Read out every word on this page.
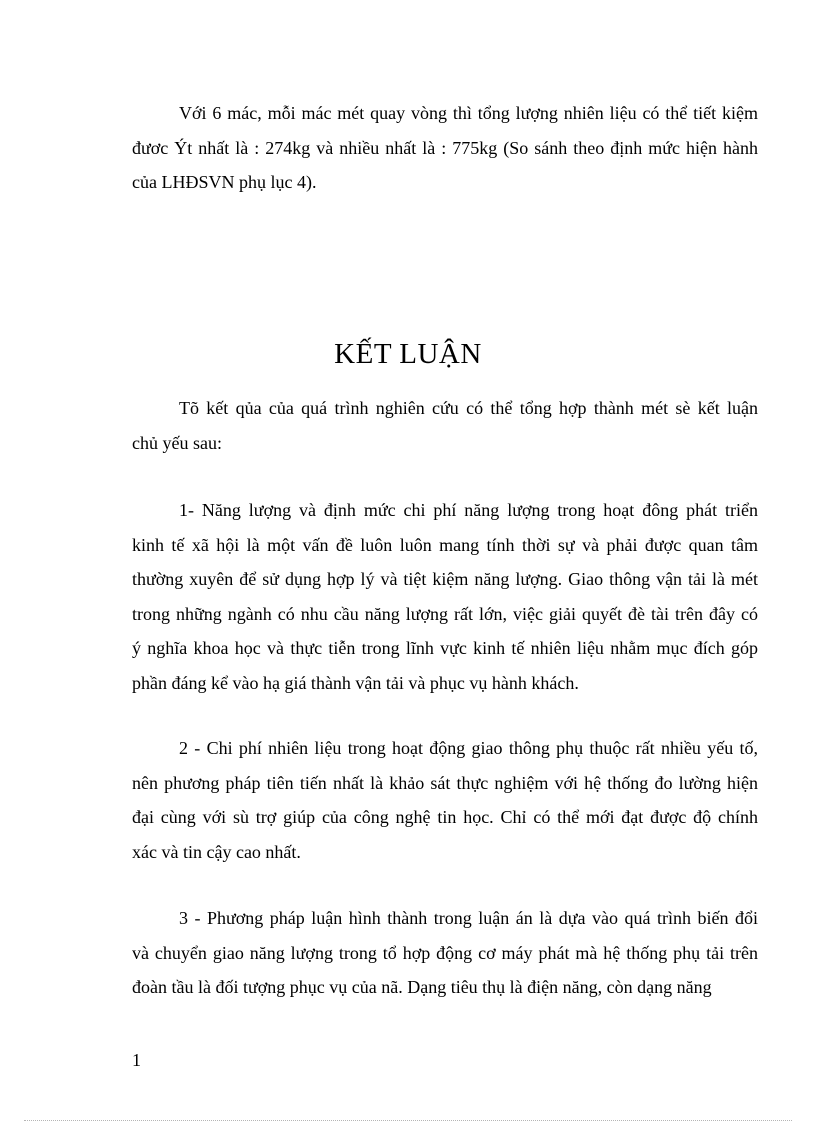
Với 6 mác, mỗi mác mét quay vòng thì tổng lượng nhiên liệu có thể tiết kiệm
đươc Ýt nhất là : 274kg và nhiều nhất là : 775kg (So sánh theo định mức hiện hành
của LHĐSVN phụ lục 4).

KẾT LUẬN

Tõ kết qủa của quá trình nghiên cứu có thể tổng hợp thành mét sè kết luận
chủ yếu sau:

1- Năng lượng và định mức chi phí năng lượng trong hoạt đông phát triển
kinh tế xã hội là một vấn đề luôn luôn mang tính thời sự và phải được quan tâm
thường xuyên để sử dụng hợp lý và tiệt kiệm năng lượng. Giao thông vận tải là mét
trong những ngành có nhu cầu năng lượng rất lớn, việc giải quyết đè tài trên đây có
ý nghĩa khoa học và thực tiễn trong lĩnh vực kinh tế nhiên liệu nhằm mục đích góp
phần đáng kể vào hạ giá thành vận tải và phục vụ hành khách.

2 - Chi phí nhiên liệu trong hoạt động giao thông phụ thuộc rất nhiều yếu tố,
nên phương pháp tiên tiến nhất là khảo sát thực nghiệm với hệ thống đo lường hiện
đại cùng với sù trợ giúp của công nghệ tin học. Chỉ có thể mới đạt được độ chính
xác và tin cậy cao nhất.

3 - Phương pháp luận hình thành trong luận án là dựa vào quá trình biến đổi
và chuyển giao năng lượng trong tổ hợp động cơ máy phát mà hệ thống phụ tải trên
đoàn tầu là đối tượng phục vụ của nã. Dạng tiêu thụ là điện năng, còn dạng năng

1
